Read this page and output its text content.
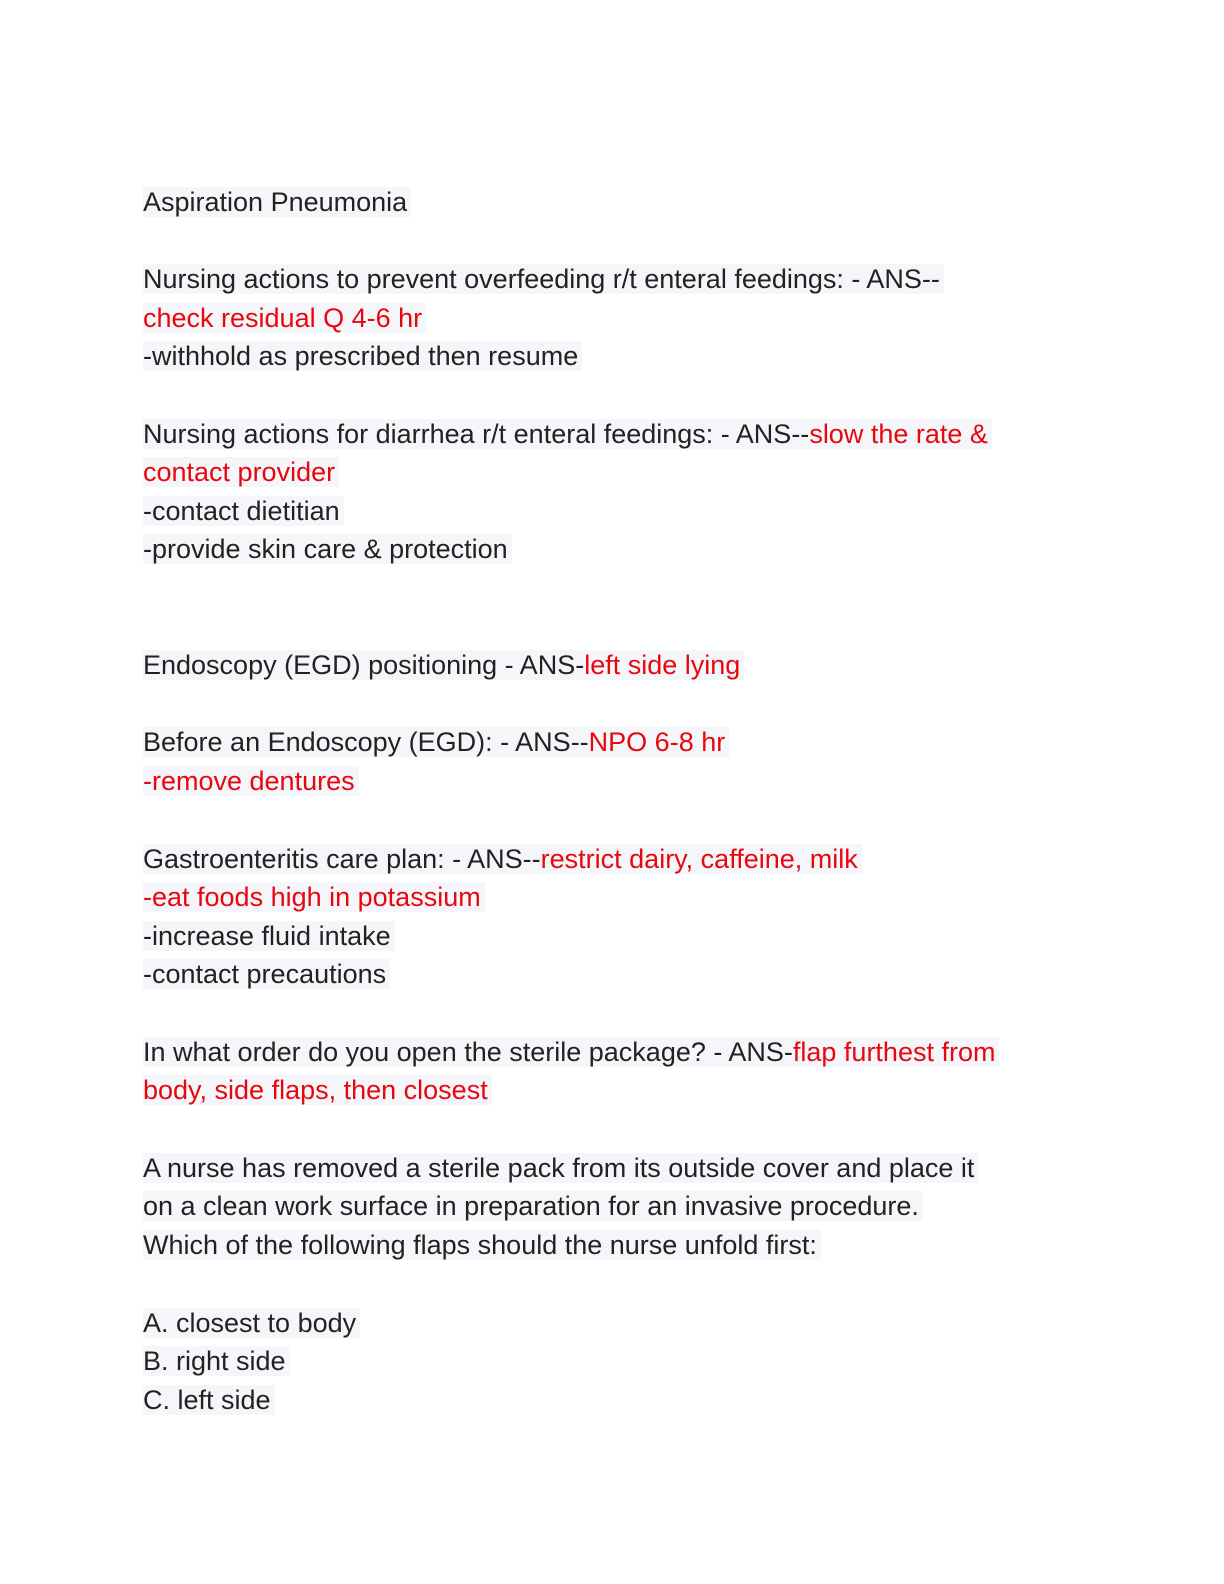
Aspiration Pneumonia
Nursing actions to prevent overfeeding r/t enteral feedings: - ANS--
check residual Q 4-6 hr
-withhold as prescribed then resume
Nursing actions for diarrhea r/t enteral feedings: - ANS--slow the rate &
contact provider
-contact dietitian
-provide skin care & protection
Endoscopy (EGD) positioning - ANS-left side lying
Before an Endoscopy (EGD): - ANS--NPO 6-8 hr
-remove dentures
Gastroenteritis care plan: - ANS--restrict dairy, caffeine, milk
-eat foods high in potassium
-increase fluid intake
-contact precautions
In what order do you open the sterile package? - ANS-flap furthest from
body, side flaps, then closest
A nurse has removed a sterile pack from its outside cover and place it
on a clean work surface in preparation for an invasive procedure.
Which of the following flaps should the nurse unfold first:
A. closest to body
B. right side
C. left side
